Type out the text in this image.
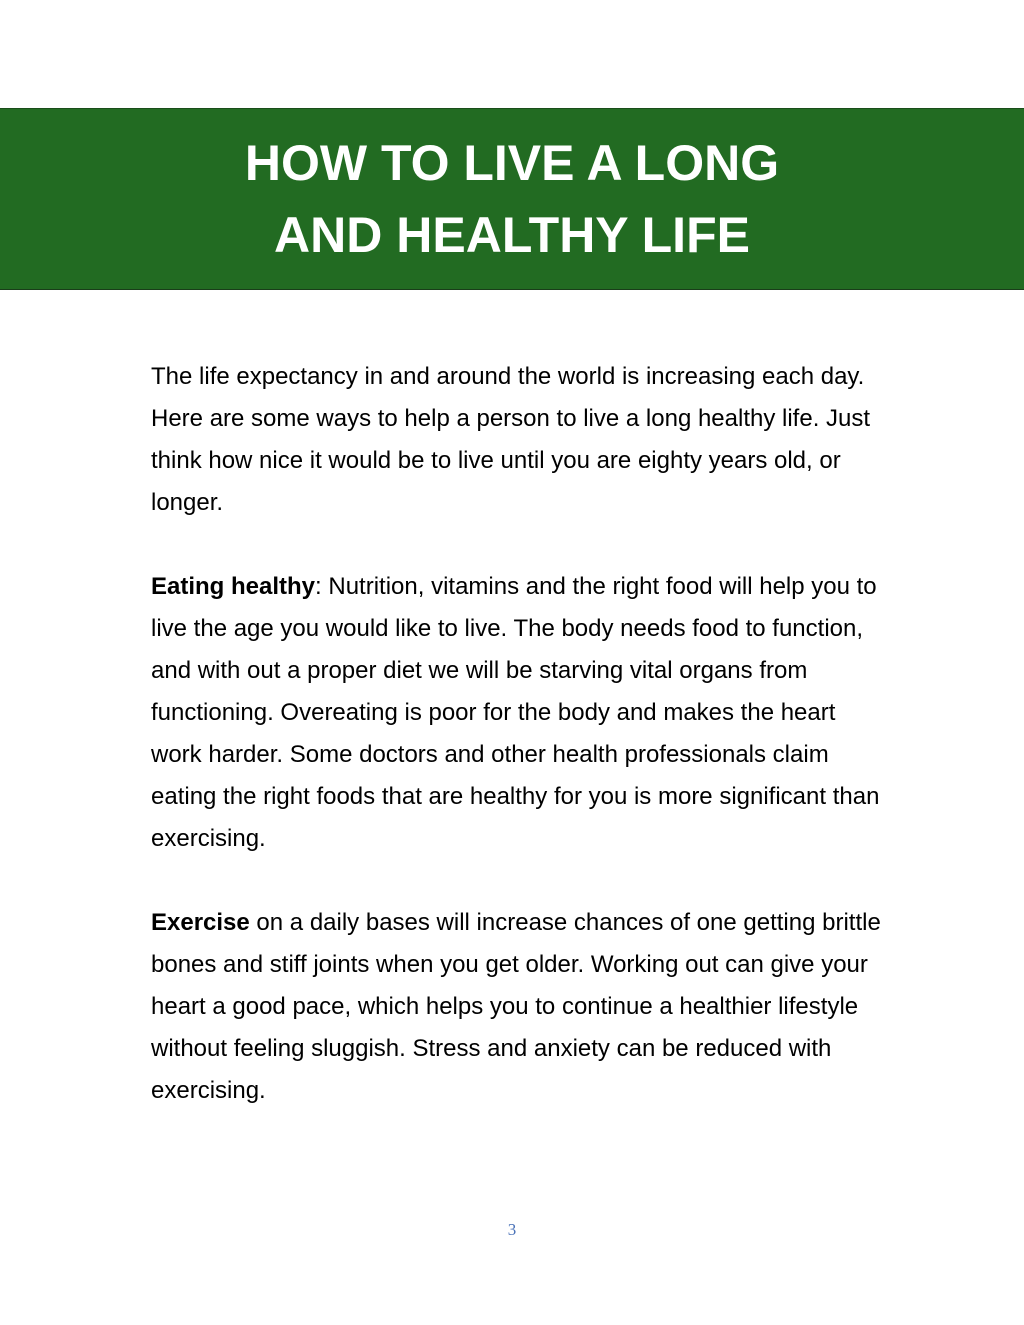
HOW TO LIVE A LONG
AND HEALTHY LIFE

The life expectancy in and around the world is increasing each day. Here are some ways to help a person to live a long healthy life. Just think how nice it would be to live until you are eighty years old, or longer.

Eating healthy: Nutrition, vitamins and the right food will help you to live the age you would like to live. The body needs food to function, and with out a proper diet we will be starving vital organs from functioning. Overeating is poor for the body and makes the heart work harder. Some doctors and other health professionals claim eating the right foods that are healthy for you is more significant than exercising.

Exercise on a daily bases will increase chances of one getting brittle bones and stiff joints when you get older. Working out can give your heart a good pace, which helps you to continue a healthier lifestyle without feeling sluggish. Stress and anxiety can be reduced with exercising.

3
